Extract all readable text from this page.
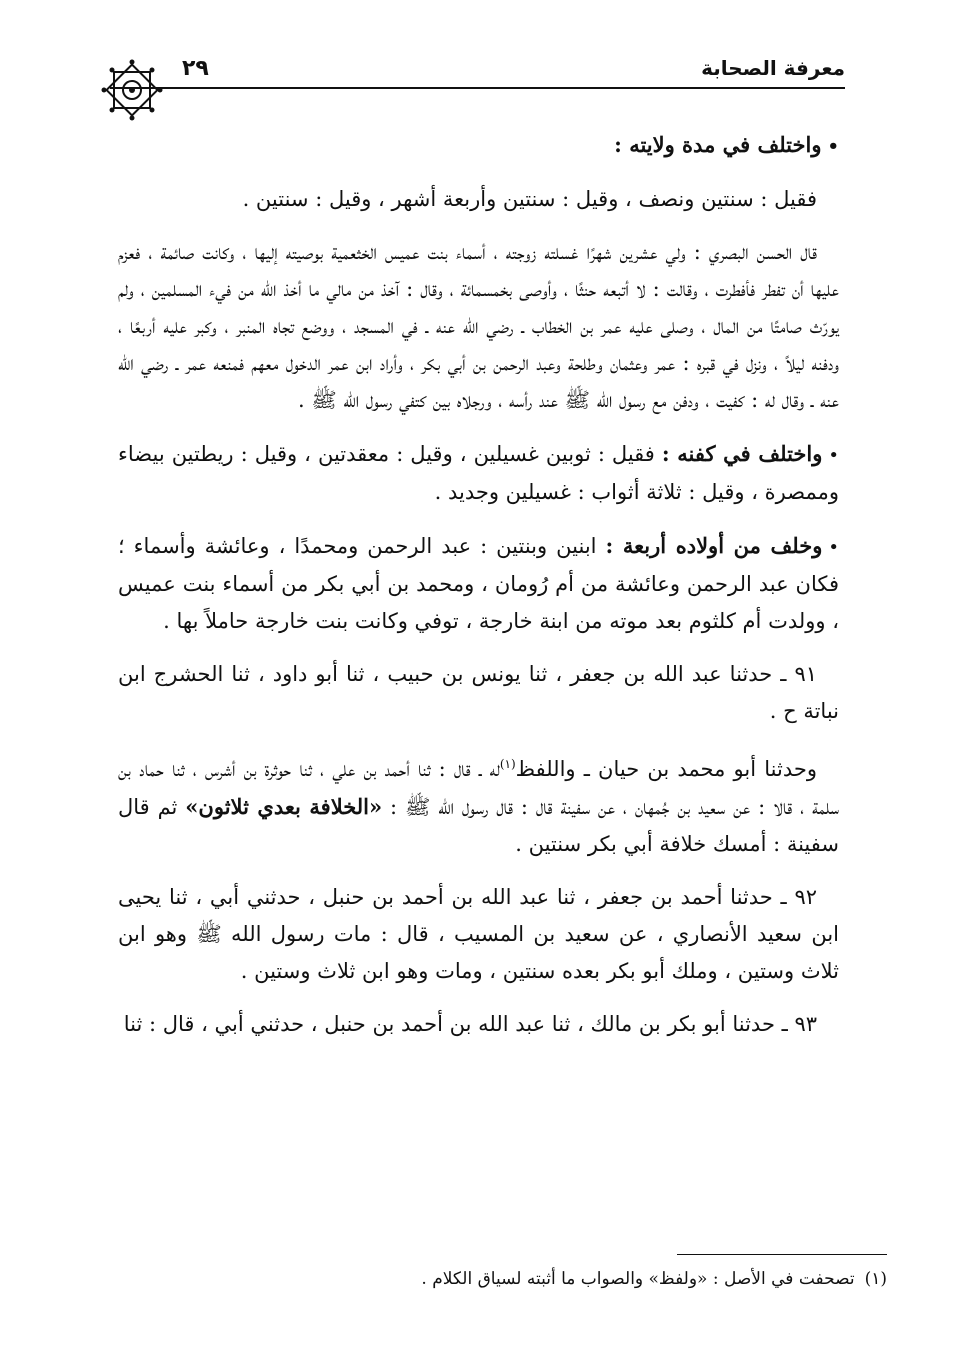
معرفة الصحابة
٢٩

•واختلف في مدة ولايته :

فقيل : سنتين ونصف ، وقيل : سنتين وأربعة أشهر ، وقيل : سنتين .

قال الحسن البصري : ولي عشرين شهرًا غسلته زوجته ، أسماء بنت عميس الخثعمية بوصيته إليها ، وكانت صائمة ، فعزم عليها أن تفطر فأفطرت ، وقالت : لا أتبعه حنثًا ، وأوصى بخمسمائة ، وقال : آخذ من مالي ما أخذ الله من فيء المسلمين ، ولم يورّث صامتًا من المال ، وصلى عليه عمر بن الخطاب ـ رضي الله عنه ـ في المسجد ، ووضع تجاه المنبر ، وكبر عليه أربعًا ، ودفنه ليلاً ، ونزل في قبره : عمر وعثمان وطلحة وعبد الرحمن بن أبي بكر ، وأراد ابن عمر الدخول معهم فمنعه عمر ـ رضي الله عنه ـ وقال له : كفيت ، ودفن مع رسول الله ﷺ عند رأسه ، ورجلاه بين كتفي رسول الله ﷺ .

•واختلف في كفنه : فقيل : ثوبين غسيلين ، وقيل : معقدتين ، وقيل : ريطتين بيضاء وممصرة ، وقيل : ثلاثة أثواب : غسيلين وجديد .

•وخلف من أولاده أربعة : ابنين وبنتين : عبد الرحمن ومحمدًا ، وعائشة وأسماء ؛ فكان عبد الرحمن وعائشة من أم رُومان ، ومحمد بن أبي بكر من أسماء بنت عميس ، وولدت أم كلثوم بعد موته من ابنة خارجة ، توفي وكانت بنت خارجة حاملاً بها .

٩١ ـ حدثنا عبد الله بن جعفر ، ثنا يونس بن حبيب ، ثنا أبو داود ، ثنا الحشرج ابن نباتة ح .

وحدثنا أبو محمد بن حيان ـ واللفظ$^{(١)}$له ـ قال : ثنا أحمد بن علي ، ثنا حوثرة بن أشرس ، ثنا حماد بن سلمة ، قالا : عن سعيد بن جُمهان ، عن سفينة قال : قال رسول الله ﷺ : «الخلافة بعدي ثلاثون» ثم قال سفينة : أمسك خلافة أبي بكر سنتين .

٩٢ ـ حدثنا أحمد بن جعفر ، ثنا عبد الله بن أحمد بن حنبل ، حدثني أبي ، ثنا يحيى ابن سعيد الأنصاري ، عن سعيد بن المسيب ، قال : مات رسول الله ﷺ وهو ابن ثلاث وستين ، وملك أبو بكر بعده سنتين ، ومات وهو ابن ثلاث وستين .

٩٣ ـ حدثنا أبو بكر بن مالك ، ثنا عبد الله بن أحمد بن حنبل ، حدثني أبي ، قال : ثنا

(١)تصحفت في الأصل : «ولفظ» والصواب ما أثبته لسياق الكلام .
